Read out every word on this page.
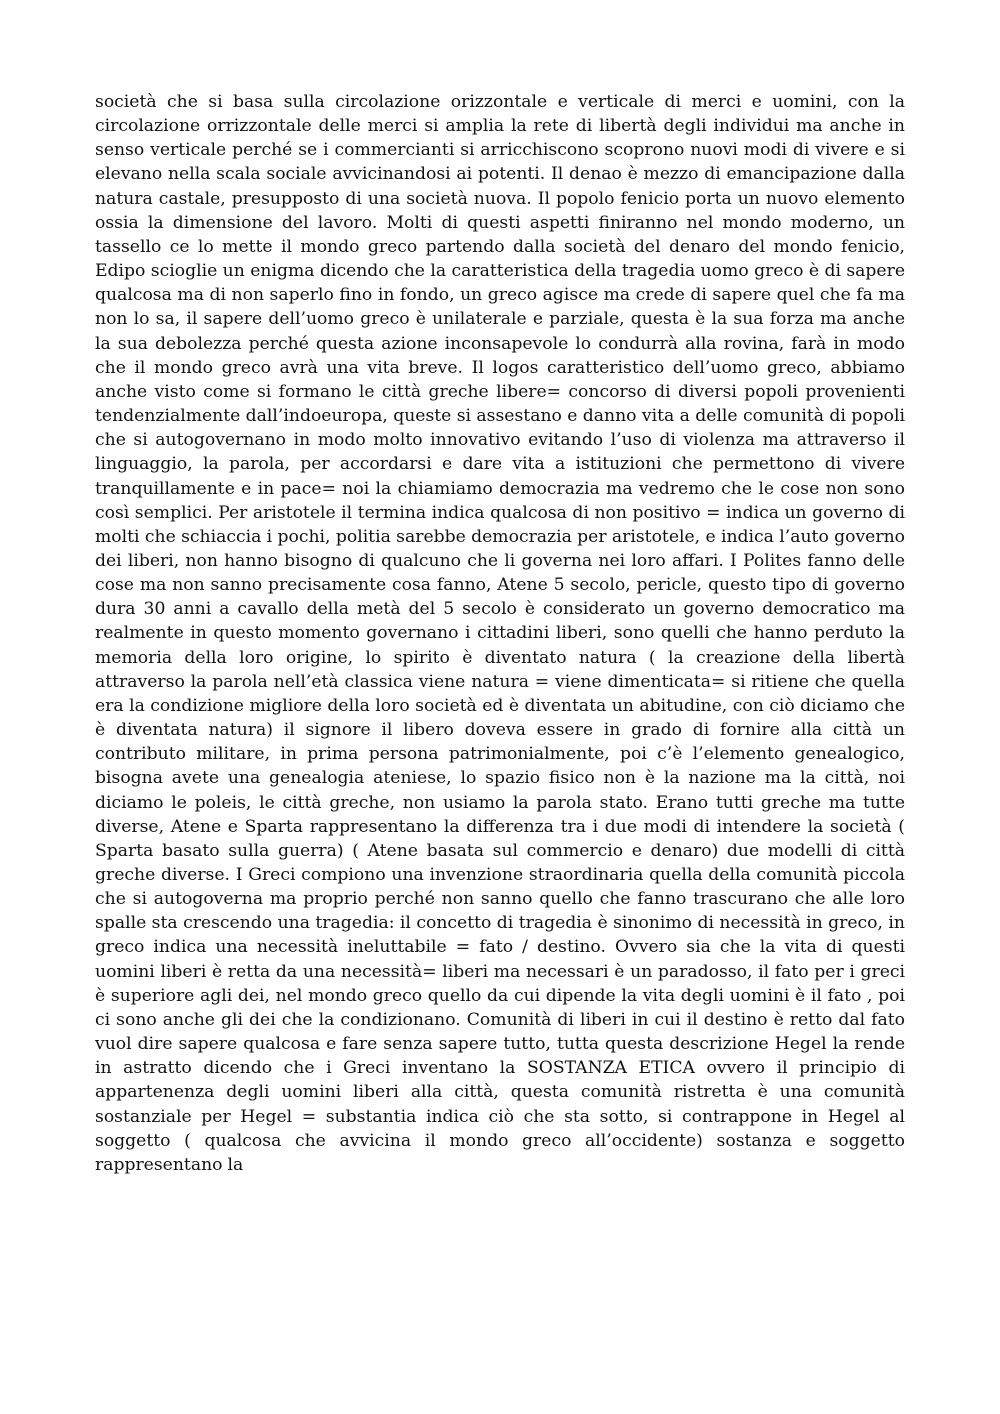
società che si basa sulla circolazione orizzontale e verticale di merci e uomini, con la circolazione orrizzontale delle merci si amplia la rete di libertà degli individui ma anche in senso verticale perché se i commercianti si arricchiscono scoprono nuovi modi di vivere e si elevano nella scala sociale avvicinandosi ai potenti. Il denao è mezzo di emancipazione dalla natura castale, presupposto di una società nuova. Il popolo fenicio porta un nuovo elemento ossia la dimensione del lavoro. Molti di questi aspetti finiranno nel mondo moderno, un tassello ce lo mette il mondo greco partendo dalla società del denaro del mondo fenicio, Edipo scioglie un enigma dicendo che la caratteristica della tragedia uomo greco è di sapere qualcosa ma di non saperlo fino in fondo, un greco agisce ma crede di sapere quel che fa ma non lo sa, il sapere dell’uomo greco è unilaterale e parziale, questa è la sua forza ma anche la sua debolezza perché questa azione inconsapevole lo condurrà alla rovina, farà in modo che il mondo greco avrà una vita breve. Il logos caratteristico dell’uomo greco, abbiamo anche visto come si formano le città greche libere= concorso di diversi popoli provenienti tendenzialmente dall’indoeuropa, queste si assestano e danno vita a delle comunità di popoli che si autogovernano in modo molto innovativo evitando l’uso di violenza ma attraverso il linguaggio, la parola, per accordarsi e dare vita a istituzioni che permettono di vivere tranquillamente e in pace= noi la chiamiamo democrazia ma vedremo che le cose non sono così semplici. Per aristotele il termina indica qualcosa di non positivo = indica un governo di molti che schiaccia i pochi, politia sarebbe democrazia per aristotele, e indica l’auto governo dei liberi, non hanno bisogno di qualcuno che li governa nei loro affari. I Polites fanno delle cose ma non sanno precisamente cosa fanno, Atene 5 secolo, pericle, questo tipo di governo dura 30 anni a cavallo della metà del 5 secolo è considerato un governo democratico ma realmente in questo momento governano i cittadini liberi, sono quelli che hanno perduto la memoria della loro origine, lo spirito è diventato natura ( la creazione della libertà attraverso la parola nell’età classica viene natura = viene dimenticata= si ritiene che quella era la condizione migliore della loro società ed è diventata un abitudine, con ciò diciamo che è diventata natura) il signore il libero doveva essere in grado di fornire alla città un contributo militare, in prima persona patrimonialmente, poi c’è l’elemento genealogico, bisogna avete una genealogia ateniese, lo spazio fisico non è la nazione ma la città, noi diciamo le poleis, le città greche, non usiamo la parola stato. Erano tutti greche ma tutte diverse, Atene e Sparta rappresentano la differenza tra i due modi di intendere la società ( Sparta basato sulla guerra) ( Atene basata sul commercio e denaro) due modelli di città greche diverse. I Greci compiono una invenzione straordinaria quella della comunità piccola che si autogoverna ma proprio perché non sanno quello che fanno trascurano che alle loro spalle sta crescendo una tragedia: il concetto di tragedia è sinonimo di necessità in greco, in greco indica una necessità ineluttabile = fato / destino. Ovvero sia che la vita di questi uomini liberi è retta da una necessità= liberi ma necessari è un paradosso, il fato per i greci è superiore agli dei, nel mondo greco quello da cui dipende la vita degli uomini è il fato , poi ci sono anche gli dei che la condizionano. Comunità di liberi in cui il destino è retto dal fato vuol dire sapere qualcosa e fare senza sapere tutto, tutta questa descrizione Hegel la rende in astratto dicendo che i Greci inventano la SOSTANZA ETICA ovvero il principio di appartenenza degli uomini liberi alla città, questa comunità ristretta è una comunità sostanziale per Hegel = substantia indica ciò che sta sotto, si contrappone in Hegel al soggetto ( qualcosa che avvicina il mondo greco all’occidente) sostanza e soggetto rappresentano la
